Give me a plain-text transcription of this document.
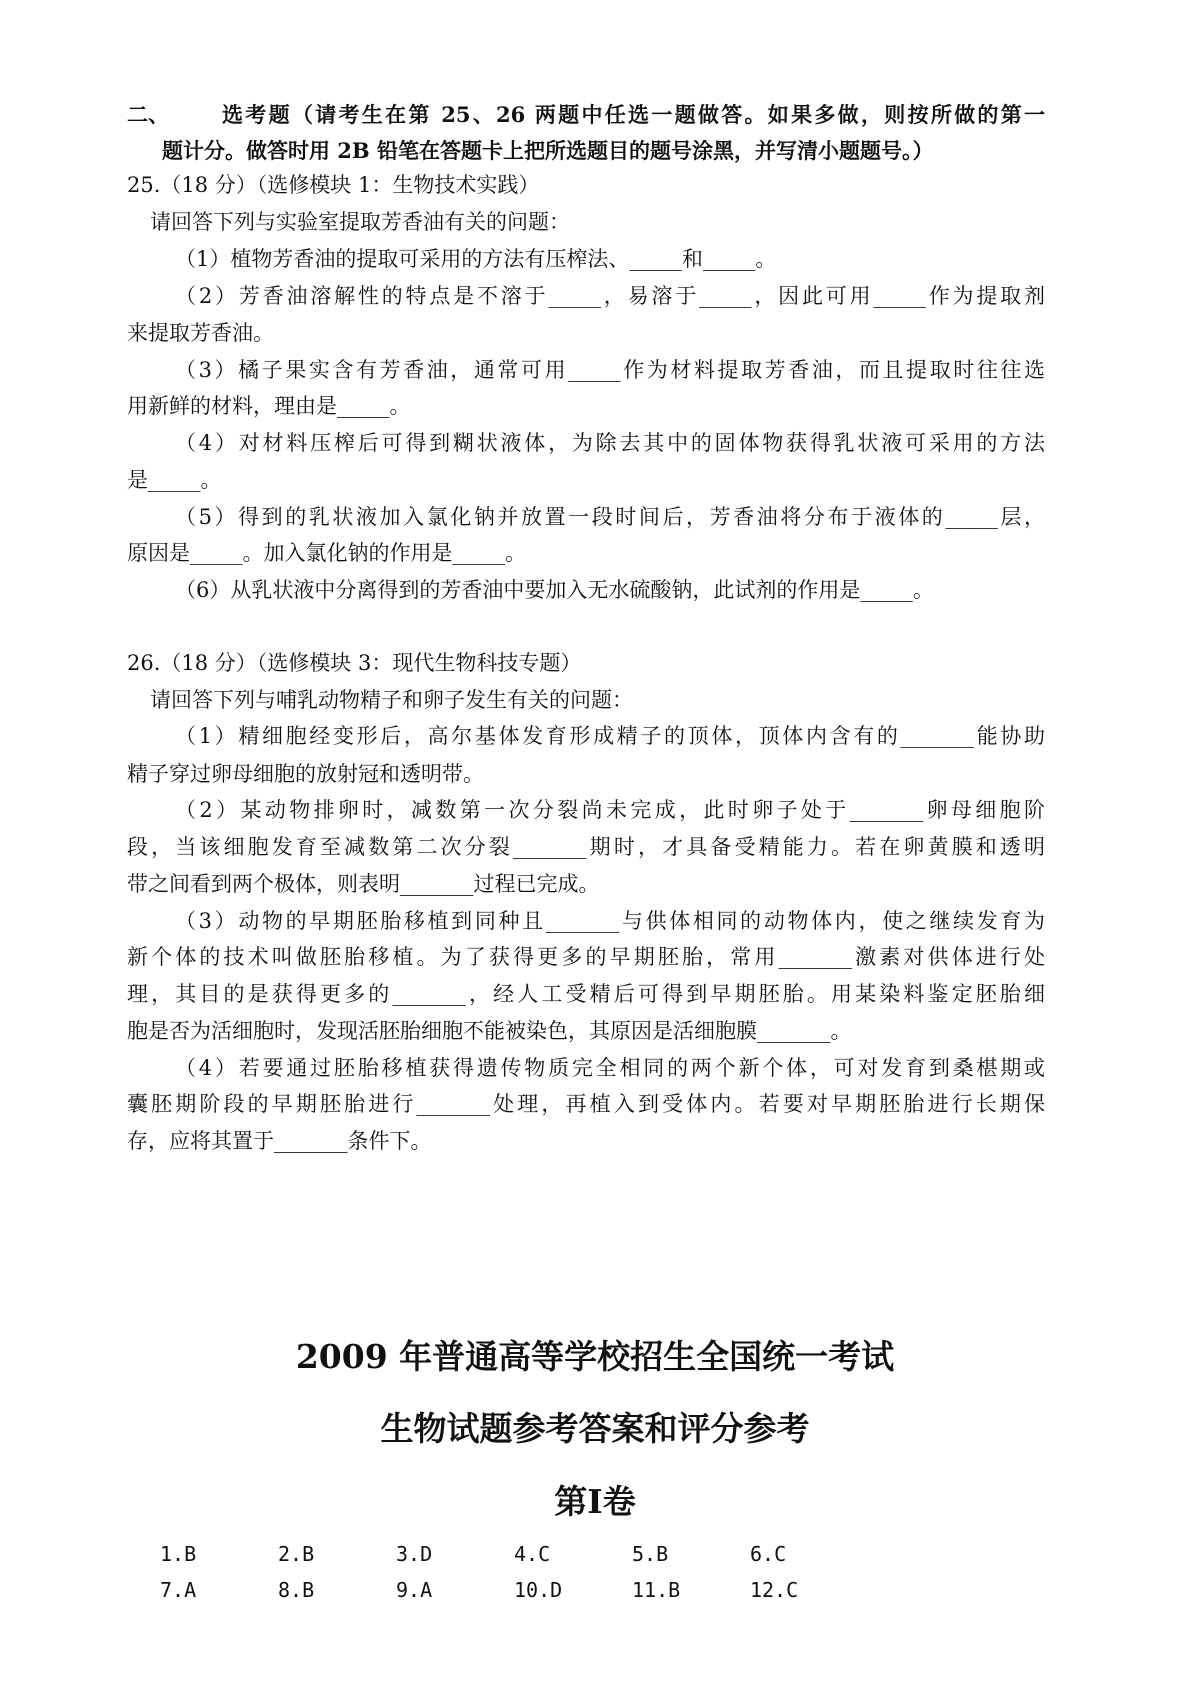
二、	选考题（请考生在第 25、26 两题中任选一题做答。如果多做，则按所做的第一
题计分。做答时用 2B 铅笔在答题卡上把所选题目的题号涂黑，并写清小题题号。）
25.（18 分）（选修模块 1：生物技术实践）
请回答下列与实验室提取芳香油有关的问题：
（1）植物芳香油的提取可采用的方法有压榨法、_____和_____。
（2）芳香油溶解性的特点是不溶于_____，易溶于_____，因此可用_____作为提取剂
来提取芳香油。
（3）橘子果实含有芳香油，通常可用_____作为材料提取芳香油，而且提取时往往选
用新鲜的材料，理由是_____。
（4）对材料压榨后可得到糊状液体，为除去其中的固体物获得乳状液可采用的方法
是_____。
（5）得到的乳状液加入氯化钠并放置一段时间后，芳香油将分布于液体的_____层，
原因是_____。加入氯化钠的作用是_____。
（6）从乳状液中分离得到的芳香油中要加入无水硫酸钠，此试剂的作用是_____。
26.（18 分）（选修模块 3：现代生物科技专题）
请回答下列与哺乳动物精子和卵子发生有关的问题：
（1）精细胞经变形后，高尔基体发育形成精子的顶体，顶体内含有的_______能协助
精子穿过卵母细胞的放射冠和透明带。
（2）某动物排卵时，减数第一次分裂尚未完成，此时卵子处于_______卵母细胞阶
段，当该细胞发育至减数第二次分裂_______期时，才具备受精能力。若在卵黄膜和透明
带之间看到两个极体，则表明_______过程已完成。
（3）动物的早期胚胎移植到同种且_______与供体相同的动物体内，使之继续发育为
新个体的技术叫做胚胎移植。为了获得更多的早期胚胎，常用_______激素对供体进行处
理，其目的是获得更多的_______，经人工受精后可得到早期胚胎。用某染料鉴定胚胎细
胞是否为活细胞时，发现活胚胎细胞不能被染色，其原因是活细胞膜_______。
（4）若要通过胚胎移植获得遗传物质完全相同的两个新个体，可对发育到桑椹期或
囊胚期阶段的早期胚胎进行_______处理，再植入到受体内。若要对早期胚胎进行长期保
存，应将其置于_______条件下。
2009 年普通高等学校招生全国统一考试
生物试题参考答案和评分参考
第Ⅰ卷
1.B	2.B	3.D	4.C	5.B	6.C
7.A	8.B	9.A	10.D	11.B	12.C
